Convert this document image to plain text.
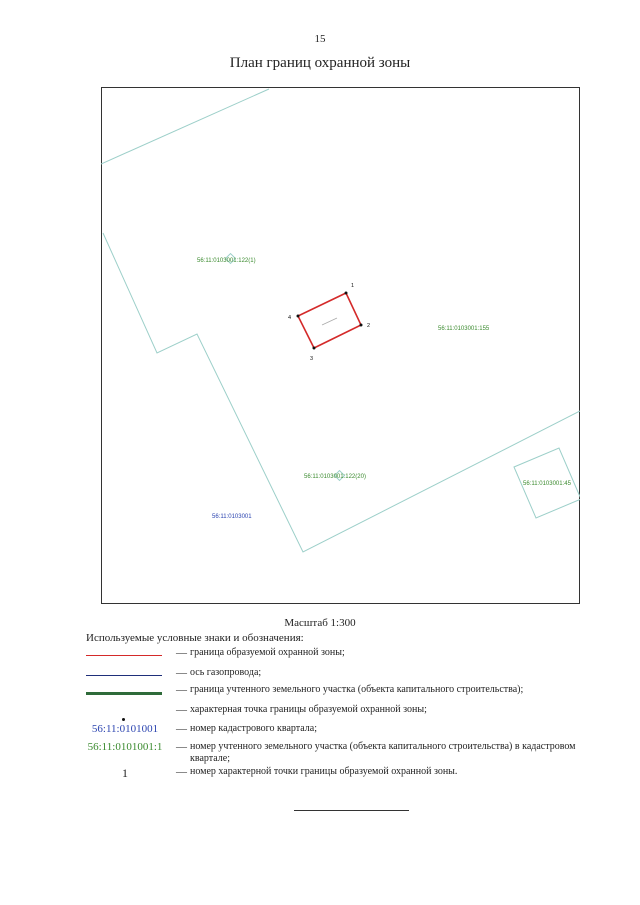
15
План границ охранной зоны
1
2
3
4
56:11:0103001:122(1)
56:11:0103001:155
56:11:0103001:122(20)
56:11:0103001:45
56:11:0103001
Масштаб 1:300
Используемые условные знаки и обозначения:
— граница образуемой охранной зоны;
— ось газопровода;
— граница учтенного земельного участка (объекта капитального строительства);
— характерная точка границы образуемой охранной зоны;
56:11:0101001	— номер кадастрового квартала;
56:11:0101001:1	— номер учтенного земельного участка (объекта капитального строительства) в кадастровом квартале;
1	— номер характерной точки границы образуемой охранной зоны.
